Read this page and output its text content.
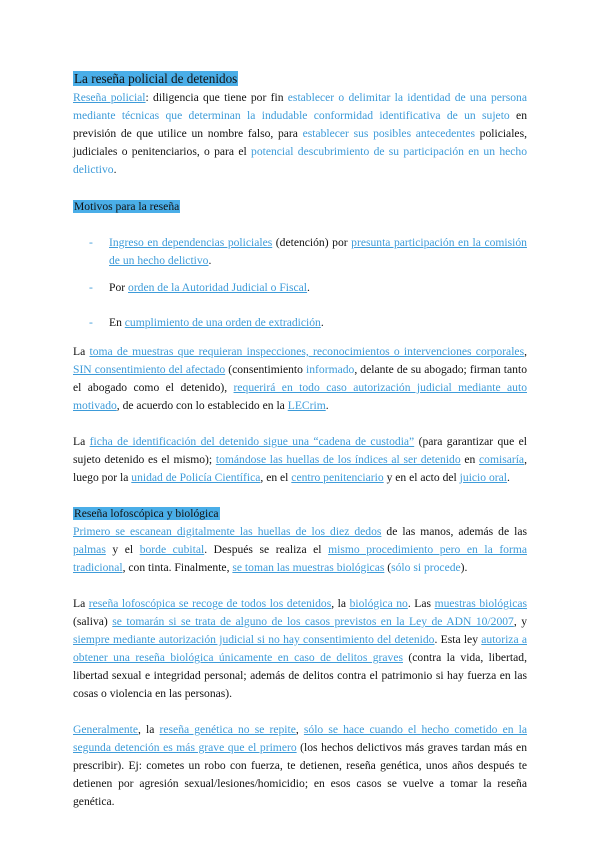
La reseña policial de detenidos

Reseña policial: diligencia que tiene por fin establecer o delimitar la identidad de una persona mediante técnicas que determinan la indudable conformidad identificativa de un sujeto en previsión de que utilice un nombre falso, para establecer sus posibles antecedentes policiales, judiciales o penitenciarios, o para el potencial descubrimiento de su participación en un hecho delictivo.

Motivos para la reseña
- Ingreso en dependencias policiales (detención) por presunta participación en la comisión de un hecho delictivo.
- Por orden de la Autoridad Judicial o Fiscal.
- En cumplimiento de una orden de extradición.

La toma de muestras que requieran inspecciones, reconocimientos o intervenciones corporales, SIN consentimiento del afectado (consentimiento informado, delante de su abogado; firman tanto el abogado como el detenido), requerirá en todo caso autorización judicial mediante auto motivado, de acuerdo con lo establecido en la LECrim.

La ficha de identificación del detenido sigue una “cadena de custodia” (para garantizar que el sujeto detenido es el mismo); tomándose las huellas de los índices al ser detenido en comisaría, luego por la unidad de Policía Científica, en el centro penitenciario y en el acto del juicio oral.

Reseña lofoscópica y biológica

Primero se escanean digitalmente las huellas de los diez dedos de las manos, además de las palmas y el borde cubital. Después se realiza el mismo procedimiento pero en la forma tradicional, con tinta. Finalmente, se toman las muestras biológicas (sólo si procede).

La reseña lofoscópica se recoge de todos los detenidos, la biológica no. Las muestras biológicas (saliva) se tomarán si se trata de alguno de los casos previstos en la Ley de ADN 10/2007, y siempre mediante autorización judicial si no hay consentimiento del detenido. Esta ley autoriza a obtener una reseña biológica únicamente en caso de delitos graves (contra la vida, libertad, libertad sexual e integridad personal; además de delitos contra el patrimonio si hay fuerza en las cosas o violencia en las personas).

Generalmente, la reseña genética no se repite, sólo se hace cuando el hecho cometido en la segunda detención es más grave que el primero (los hechos delictivos más graves tardan más en prescribir). Ej: cometes un robo con fuerza, te detienen, reseña genética, unos años después te detienen por agresión sexual/lesiones/homicidio; en esos casos se vuelve a tomar la reseña genética.
